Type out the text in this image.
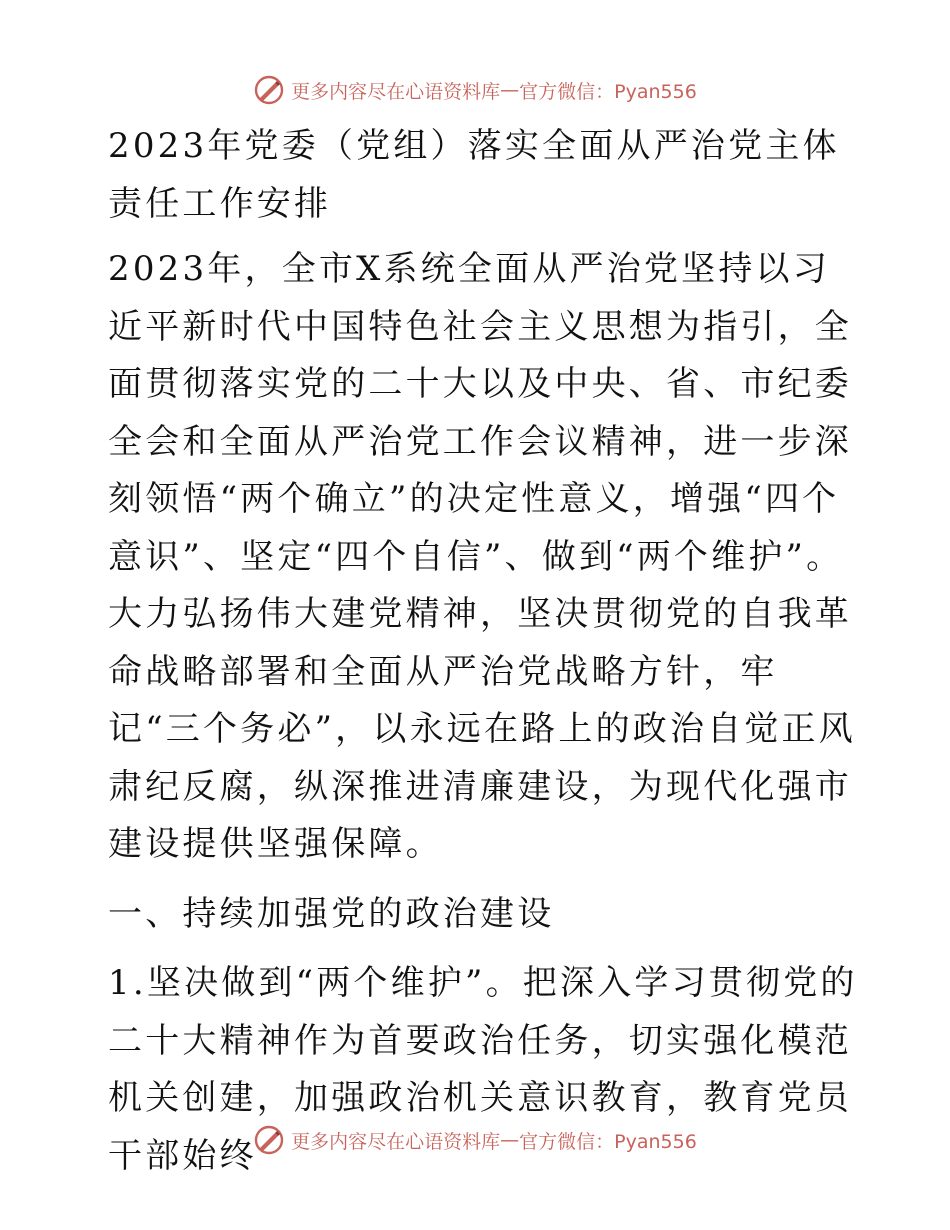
更多内容尽在心语资料库 — 官方微信：Pyan556

2023年党委（党组）落实全面从严治党主体责任工作安排

2023年，全市X系统全面从严治党坚持以习近平新时代中国特色社会主义思想为指引，全面贯彻落实党的二十大以及中央、省、市纪委全会和全面从严治党工作会议精神，进一步深刻领悟“两个确立”的决定性意义，增强“四个意识”、坚定“四个自信”、做到“两个维护”。大力弘扬伟大建党精神，坚决贯彻党的自我革命战略部署和全面从严治党战略方针，牢记“三个务必”，以永远在路上的政治自觉正风肃纪反腐，纵深推进清廉建设，为现代化强市建设提供坚强保障。

一、持续加强党的政治建设

1.坚决做到“两个维护”。把深入学习贯彻党的二十大精神作为首要政治任务，切实强化模范机关创建，加强政治机关意识教育，教育党员干部始终	更多内容尽在心语资料库 — 官方微信：Pyan556
